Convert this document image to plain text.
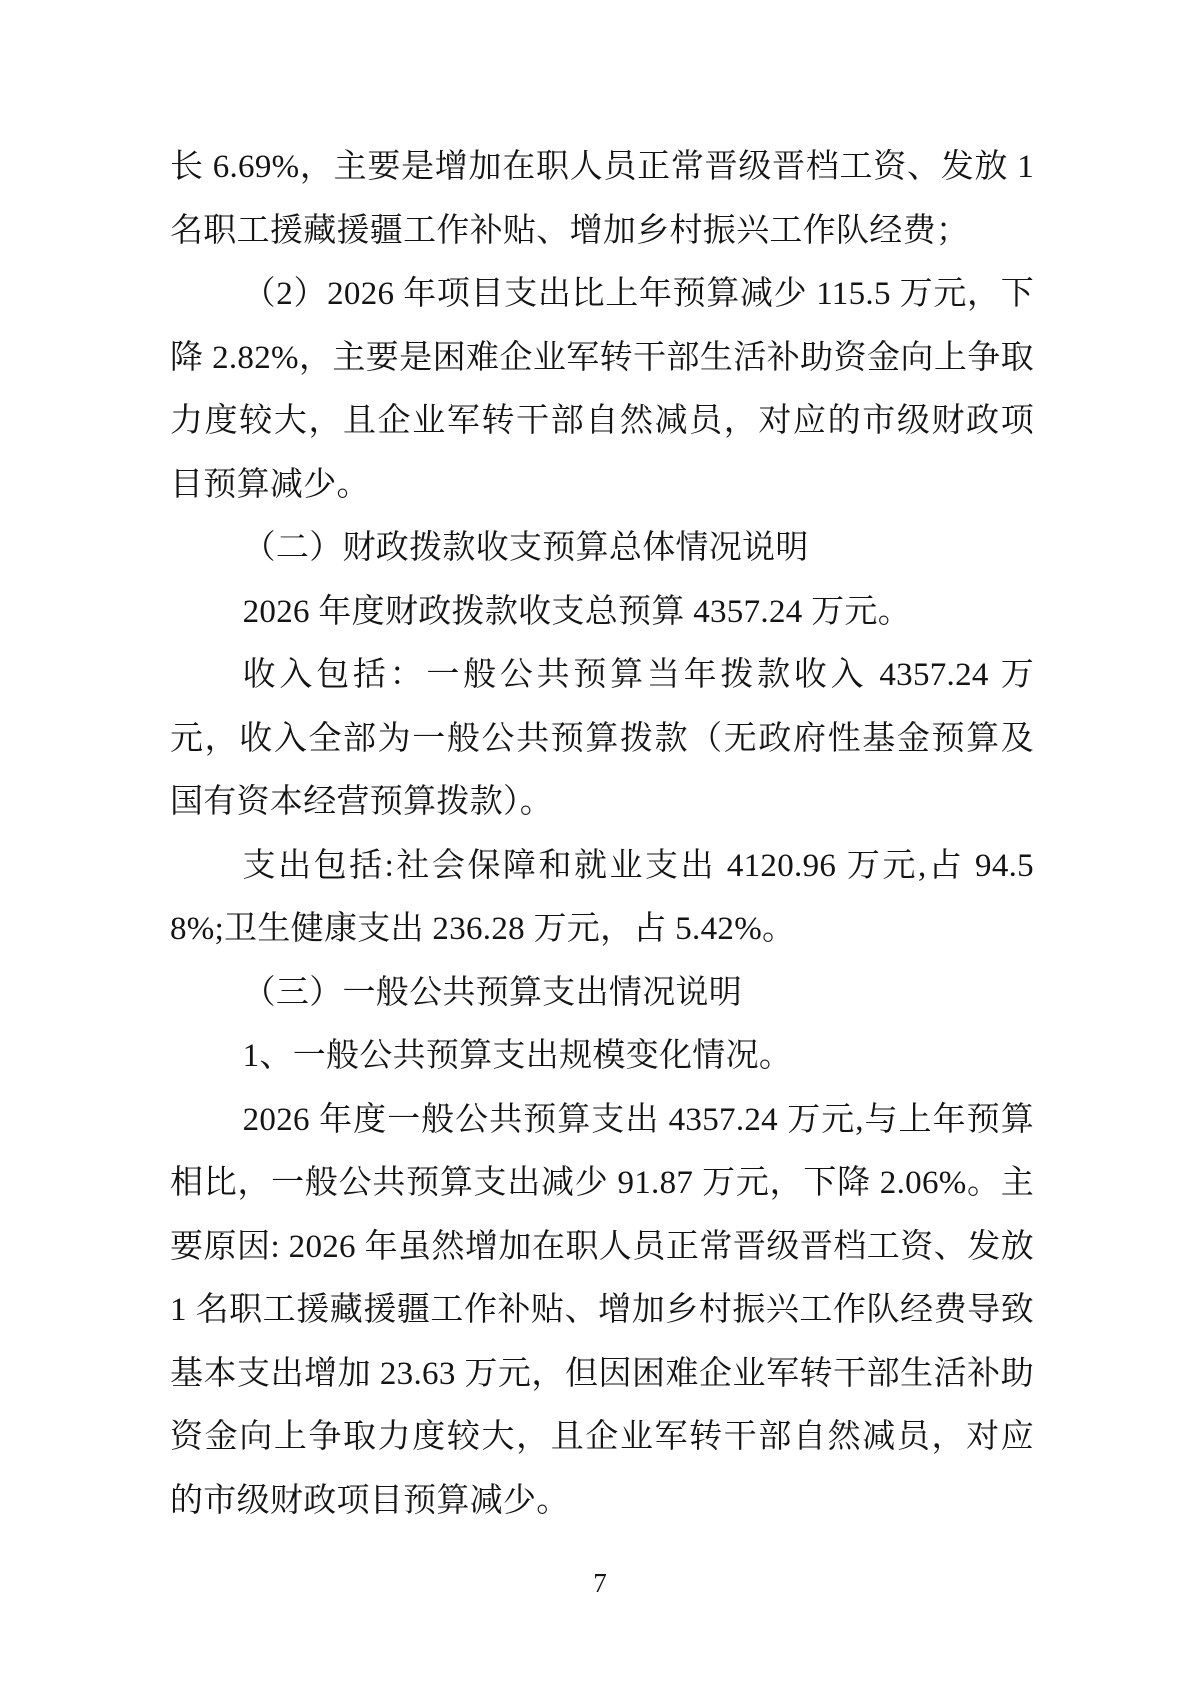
长 6.69%，主要是增加在职人员正常晋级晋档工资、发放 1 名职工援藏援疆工作补贴、增加乡村振兴工作队经费；

（2）2026 年项目支出比上年预算减少 115.5 万元，下降 2.82%，主要是困难企业军转干部生活补助资金向上争取力度较大，且企业军转干部自然减员，对应的市级财政项目预算减少。

（二）财政拨款收支预算总体情况说明

2026 年度财政拨款收支总预算 4357.24 万元。

收入包括：一般公共预算当年拨款收入 4357.24 万元，收入全部为一般公共预算拨款（无政府性基金预算及国有资本经营预算拨款）。

支出包括:社会保障和就业支出 4120.96 万元,占 94.58%;卫生健康支出 236.28 万元，占 5.42%。

（三）一般公共预算支出情况说明

1、一般公共预算支出规模变化情况。

2026 年度一般公共预算支出 4357.24 万元,与上年预算相比，一般公共预算支出减少 91.87 万元，下降 2.06%。主要原因: 2026 年虽然增加在职人员正常晋级晋档工资、发放 1 名职工援藏援疆工作补贴、增加乡村振兴工作队经费导致基本支出增加 23.63 万元，但因困难企业军转干部生活补助资金向上争取力度较大，且企业军转干部自然减员，对应的市级财政项目预算减少。

7
